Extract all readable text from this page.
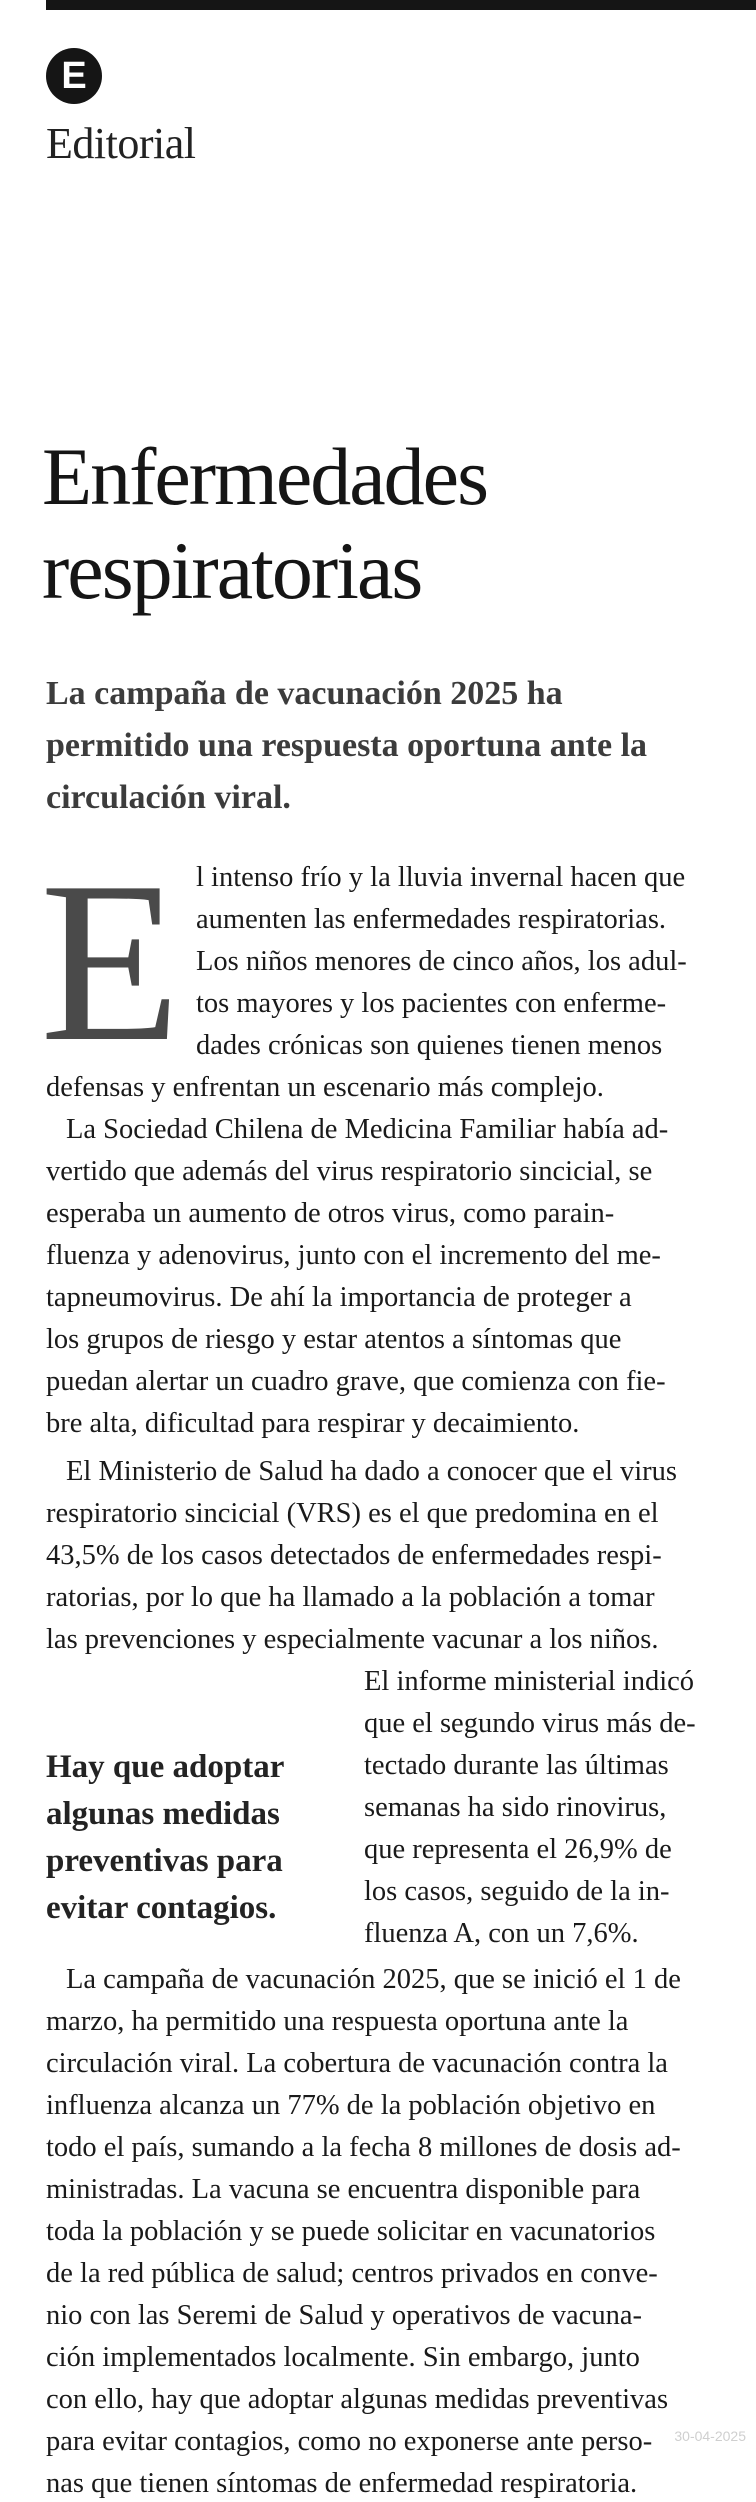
E
Editorial
Enfermedades
respiratorias
La campaña de vacunación 2025 ha
permitido una respuesta oportuna ante la
circulación viral.
E l intenso frío y la lluvia invernal hacen que
aumenten las enfermedades respiratorias.
Los niños menores de cinco años, los adul-
tos mayores y los pacientes con enferme-
dades crónicas son quienes tienen menos
defensas y enfrentan un escenario más complejo.
La Sociedad Chilena de Medicina Familiar había ad-
vertido que además del virus respiratorio sincicial, se
esperaba un aumento de otros virus, como parain-
fluenza y adenovirus, junto con el incremento del me-
tapneumovirus. De ahí la importancia de proteger a
los grupos de riesgo y estar atentos a síntomas que
puedan alertar un cuadro grave, que comienza con fie-
bre alta, dificultad para respirar y decaimiento.
El Ministerio de Salud ha dado a conocer que el virus
respiratorio sincicial (VRS) es el que predomina en el
43,5% de los casos detectados de enfermedades respi-
ratorias, por lo que ha llamado a la población a tomar
las prevenciones y especialmente vacunar a los niños.
El informe ministerial indicó
que el segundo virus más de-
tectado durante las últimas
semanas ha sido rinovirus,
que representa el 26,9% de
los casos, seguido de la in-
fluenza A, con un 7,6%.
La campaña de vacunación 2025, que se inició el 1 de
marzo, ha permitido una respuesta oportuna ante la
circulación viral. La cobertura de vacunación contra la
influenza alcanza un 77% de la población objetivo en
todo el país, sumando a la fecha 8 millones de dosis ad-
ministradas. La vacuna se encuentra disponible para
toda la población y se puede solicitar en vacunatorios
de la red pública de salud; centros privados en conve-
nio con las Seremi de Salud y operativos de vacuna-
ción implementados localmente. Sin embargo, junto
con ello, hay que adoptar algunas medidas preventivas
para evitar contagios, como no exponerse ante perso-
nas que tienen síntomas de enfermedad respiratoria.
Hay que adoptar
algunas medidas
preventivas para
evitar contagios.
30-04-2025
